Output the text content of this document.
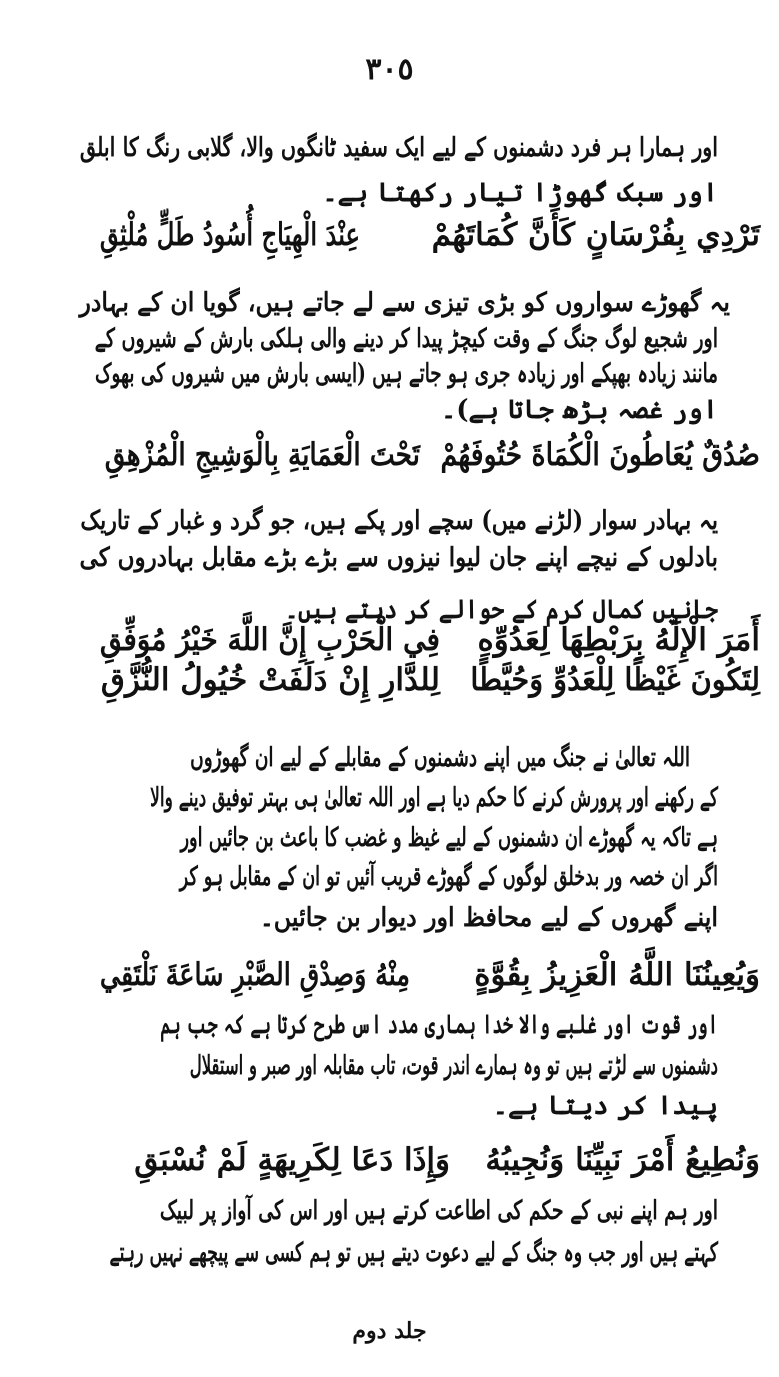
٣٠٥
اور ہمارا ہر فرد دشمنوں کے لیے ایک سفید ٹانگوں والا، گلابی رنگ کا ابلق
اور سبک گھوڑا تیار رکھتا ہے۔
یہ گھوڑے سواروں کو بڑی تیزی سے لے جاتے ہیں، گویا ان کے بہادر
اور شجیع لوگ جنگ کے وقت کیچڑ پیدا کر دینے والی ہلکی بارش کے شیروں کے
مانند زیادہ بھپکے اور زیادہ جری ہو جاتے ہیں (ایسی بارش میں شیروں کی بھوک
اور غصہ بڑھ جاتا ہے)۔
یہ بہادر سوار (لڑنے میں) سچے اور پکے ہیں، جو گرد و غبار کے تاریک
بادلوں کے نیچے اپنے جان لیوا نیزوں سے بڑے بڑے مقابل بہادروں کی
جانیں کمال کرم کے حوالے کر دیتے ہیں۔
اللہ تعالیٰ نے جنگ میں اپنے دشمنوں کے مقابلے کے لیے ان گھوڑوں
کے رکھنے اور پرورش کرنے کا حکم دیا ہے اور اللہ تعالیٰ ہی بہتر توفیق دینے والا
ہے تاکہ یہ گھوڑے ان دشمنوں کے لیے غیظ و غضب کا باعث بن جائیں اور
اگر ان خصہ ور بدخلق لوگوں کے گھوڑے قریب آئیں تو ان کے مقابل ہو کر
اپنے گھروں کے لیے محافظ اور دیوار بن جائیں۔
اور قوت اور غلبے والا خدا ہماری مدد اس طرح کرتا ہے کہ جب ہم
دشمنوں سے لڑتے ہیں تو وہ ہمارے اندر قوت، تاب مقابلہ اور صبر و استقلال
پیدا کر دیتا ہے۔
اور ہم اپنے نبی کے حکم کی اطاعت کرتے ہیں اور اس کی آواز پر لبیک
کہتے ہیں اور جب وہ جنگ کے لیے دعوت دیتے ہیں تو ہم کسی سے پیچھے نہیں رہتے
تَرْدِي بِفُرْسَانٍ كَأَنَّ كُمَاتَهُمْ
عِنْدَ الْهِيَاجِ أُسُودُ طَلٍّ مُلْثِقِ
صُدُقٌ يُعَاطُونَ الْكُمَاةَ حُتُوفَهُمْ
تَحْتَ الْعَمَايَةِ بِالْوَشِيجِ الْمُزْهِقِ
أَمَرَ الْإِلَٰهُ بِرَبْطِهَا لِعَدُوِّهِ
فِي الْحَرْبِ إِنَّ اللَّهَ خَيْرُ مُوَفِّقِ
لِتَكُونَ غَيْظًا لِلْعَدُوِّ وَحُيَّطًا
لِلدَّارِ إِنْ دَلَفَتْ خُيُولُ النُّزَّقِ
وَيُعِينُنَا اللَّهُ الْعَزِيزُ بِقُوَّةٍ
مِنْهُ وَصِدْقِ الصَّبْرِ سَاعَةَ نَلْتَقِي
وَنُطِيعُ أَمْرَ نَبِيِّنَا وَنُجِيبُهُ
وَإِذَا دَعَا لِكَرِيهَةٍ لَمْ نُسْبَقِ
جلد دوم
